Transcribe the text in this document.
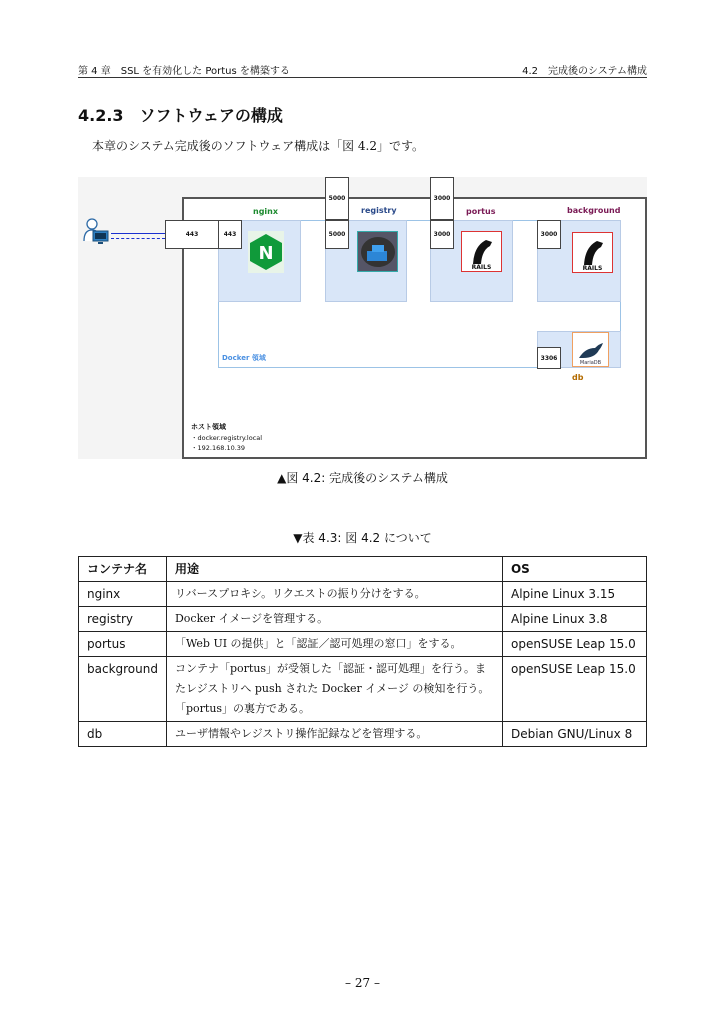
第 4 章　SSL を有効化した Portus を構築する	4.2　完成後のシステム構成
4.2.3　ソフトウェアの構成
本章のシステム完成後のソフトウェア構成は「図 4.2」です。
Docker 領域
nginx	registry	portus	background
db
443	443
5000
5000
3000
3000	3000
3306
N
RAILS	RAILS
MariaDB
ホスト領域
・docker.registry.local
・192.168.10.39
▲図 4.2: 完成後のシステム構成
▼表 4.3: 図 4.2 について
コンテナ名	用途	OS
nginx	リバースプロキシ。リクエストの振り分けをする。	Alpine Linux 3.15
registry	Docker イメージを管理する。	Alpine Linux 3.8
portus	「Web UI の提供」と「認証／認可処理の窓口」をする。	openSUSE Leap 15.0
background	コンテナ「portus」が受領した「認証・認可処理」を行う。またレジストリへ push された Docker イメージ の検知を行う。「portus」の裏方である。	openSUSE Leap 15.0
db	ユーザ情報やレジストリ操作記録などを管理する。	Debian GNU/Linux 8
– 27 –
